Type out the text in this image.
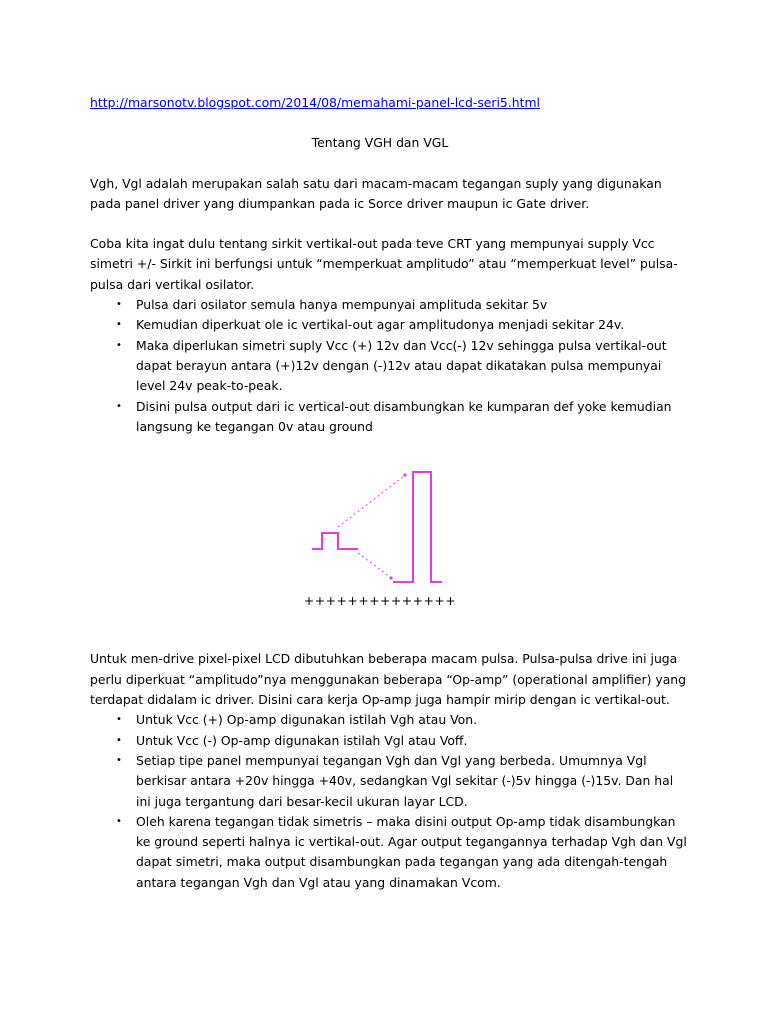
http://marsonotv.blogspot.com/2014/08/memahami-panel-lcd-seri5.html
Tentang VGH dan VGL

Vgh, Vgl adalah merupakan salah satu dari macam-macam tegangan suply yang digunakan pada panel driver yang diumpankan pada ic Sorce driver maupun ic Gate driver.

Coba kita ingat dulu tentang sirkit vertikal-out pada teve CRT yang mempunyai supply Vcc simetri +/- Sirkit ini berfungsi untuk “memperkuat amplitudo” atau “memperkuat level” pulsa-pulsa dari vertikal osilator.

• Pulsa dari osilator semula hanya mempunyai amplituda sekitar 5v
• Kemudian diperkuat ole ic vertikal-out agar amplitudonya menjadi sekitar 24v.
• Maka diperlukan simetri suply Vcc (+) 12v dan Vcc(-) 12v sehingga pulsa vertikal-out dapat berayun antara (+)12v dengan (-)12v atau dapat dikatakan pulsa mempunyai level 24v peak-to-peak.
• Disini pulsa output dari ic vertical-out disambungkan ke kumparan def yoke kemudian langsung ke tegangan 0v atau ground
++++++++++++++

Untuk men-drive pixel-pixel LCD dibutuhkan beberapa macam pulsa. Pulsa-pulsa drive ini juga perlu diperkuat “amplitudo”nya menggunakan beberapa “Op-amp” (operational amplifier) yang terdapat didalam ic driver. Disini cara kerja Op-amp juga hampir mirip dengan ic vertikal-out.

• Untuk Vcc (+) Op-amp digunakan istilah Vgh atau Von.
• Untuk Vcc (-) Op-amp digunakan istilah Vgl atau Voff.
• Setiap tipe panel mempunyai tegangan Vgh dan Vgl yang berbeda. Umumnya Vgl berkisar antara +20v hingga +40v, sedangkan Vgl sekitar (-)5v hingga (-)15v. Dan hal ini juga tergantung dari besar-kecil ukuran layar LCD.
• Oleh karena tegangan tidak simetris – maka disini output Op-amp tidak disambungkan ke ground seperti halnya ic vertikal-out. Agar output tegangannya terhadap Vgh dan Vgl dapat simetri, maka output disambungkan pada tegangan yang ada ditengah-tengah antara tegangan Vgh dan Vgl atau yang dinamakan Vcom.
